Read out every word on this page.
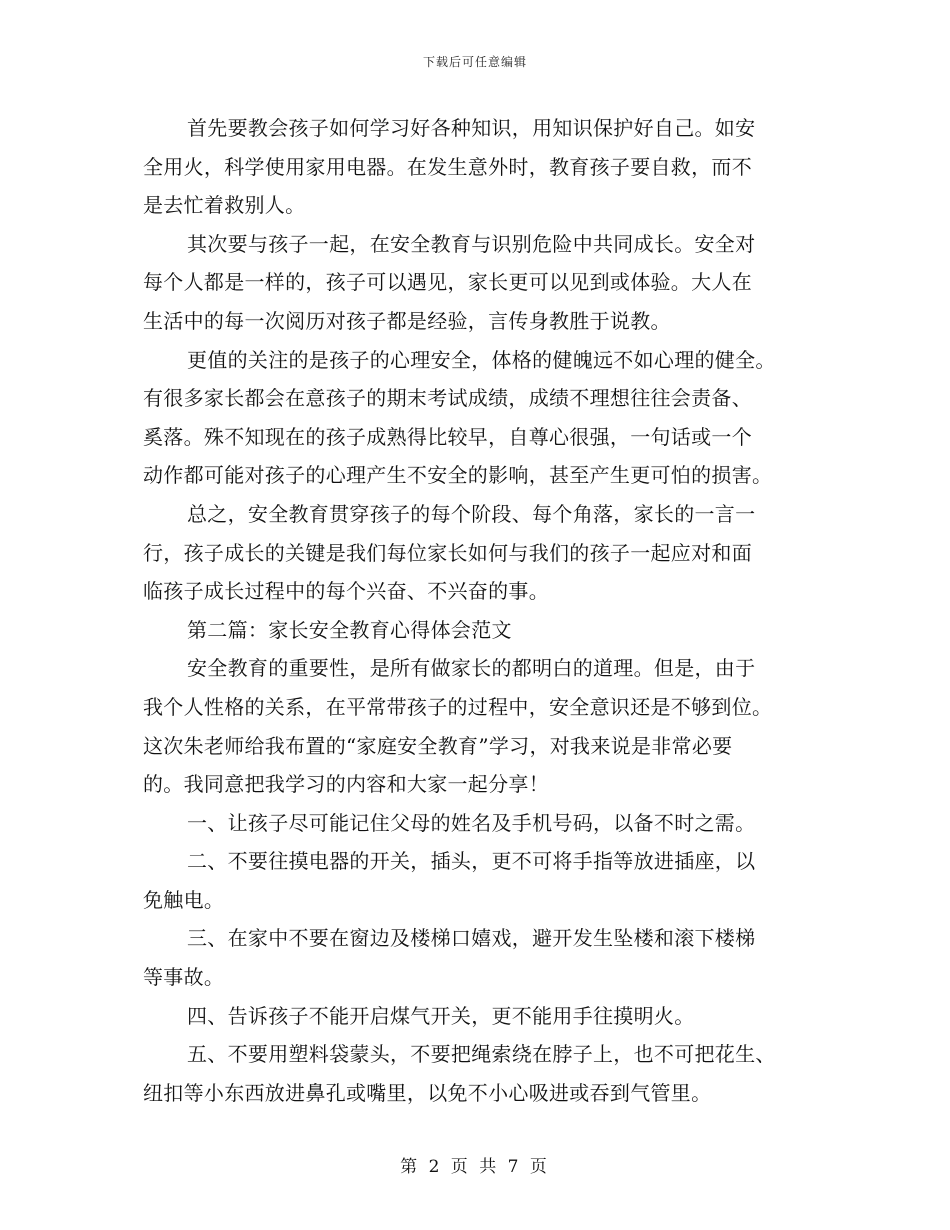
下载后可任意编辑
首先要教会孩子如何学习好各种知识，用知识保护好自己。如安
全用火，科学使用家用电器。在发生意外时，教育孩子要自救，而不
是去忙着救别人。
其次要与孩子一起，在安全教育与识别危险中共同成长。安全对
每个人都是一样的，孩子可以遇见，家长更可以见到或体验。大人在
生活中的每一次阅历对孩子都是经验，言传身教胜于说教。
更值的关注的是孩子的心理安全，体格的健魄远不如心理的健全。
有很多家长都会在意孩子的期末考试成绩，成绩不理想往往会责备、
奚落。殊不知现在的孩子成熟得比较早，自尊心很强，一句话或一个
动作都可能对孩子的心理产生不安全的影响，甚至产生更可怕的损害。
总之，安全教育贯穿孩子的每个阶段、每个角落，家长的一言一
行，孩子成长的关键是我们每位家长如何与我们的孩子一起应对和面
临孩子成长过程中的每个兴奋、不兴奋的事。
第二篇：家长安全教育心得体会范文
安全教育的重要性，是所有做家长的都明白的道理。但是，由于
我个人性格的关系，在平常带孩子的过程中，安全意识还是不够到位。
这次朱老师给我布置的“家庭安全教育”学习，对我来说是非常必要
的。我同意把我学习的内容和大家一起分享！
一、让孩子尽可能记住父母的姓名及手机号码，以备不时之需。
二、不要往摸电器的开关，插头，更不可将手指等放进插座，以
免触电。
三、在家中不要在窗边及楼梯口嬉戏，避开发生坠楼和滚下楼梯
等事故。
四、告诉孩子不能开启煤气开关，更不能用手往摸明火。
五、不要用塑料袋蒙头，不要把绳索绕在脖子上，也不可把花生、
纽扣等小东西放进鼻孔或嘴里，以免不小心吸进或吞到气管里。
第 2 页 共 7 页
